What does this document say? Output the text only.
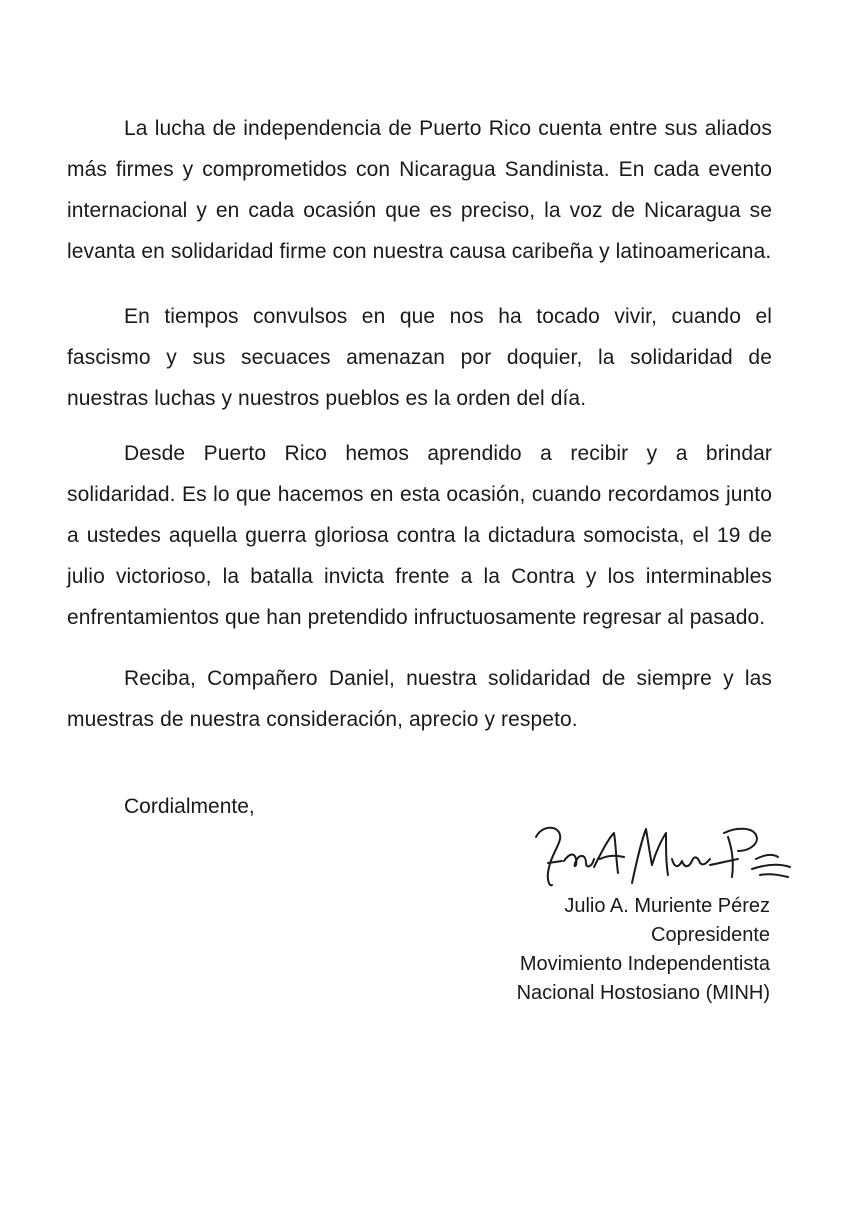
La lucha de independencia de Puerto Rico cuenta entre sus aliados más firmes y comprometidos con Nicaragua Sandinista. En cada evento internacional y en cada ocasión que es preciso, la voz de Nicaragua se levanta en solidaridad firme con nuestra causa caribeña y latinoamericana.

En tiempos convulsos en que nos ha tocado vivir, cuando el fascismo y sus secuaces amenazan por doquier, la solidaridad de nuestras luchas y nuestros pueblos es la orden del día.

Desde Puerto Rico hemos aprendido a recibir y a brindar solidaridad. Es lo que hacemos en esta ocasión, cuando recordamos junto a ustedes aquella guerra gloriosa contra la dictadura somocista, el 19 de julio victorioso, la batalla invicta frente a la Contra y los interminables enfrentamientos que han pretendido infructuosamente regresar al pasado.

Reciba, Compañero Daniel, nuestra solidaridad de siempre y las muestras de nuestra consideración, aprecio y respeto.

Cordialmente,

Julio A. Muriente Pérez
Copresidente
Movimiento Independentista
Nacional Hostosiano (MINH)
